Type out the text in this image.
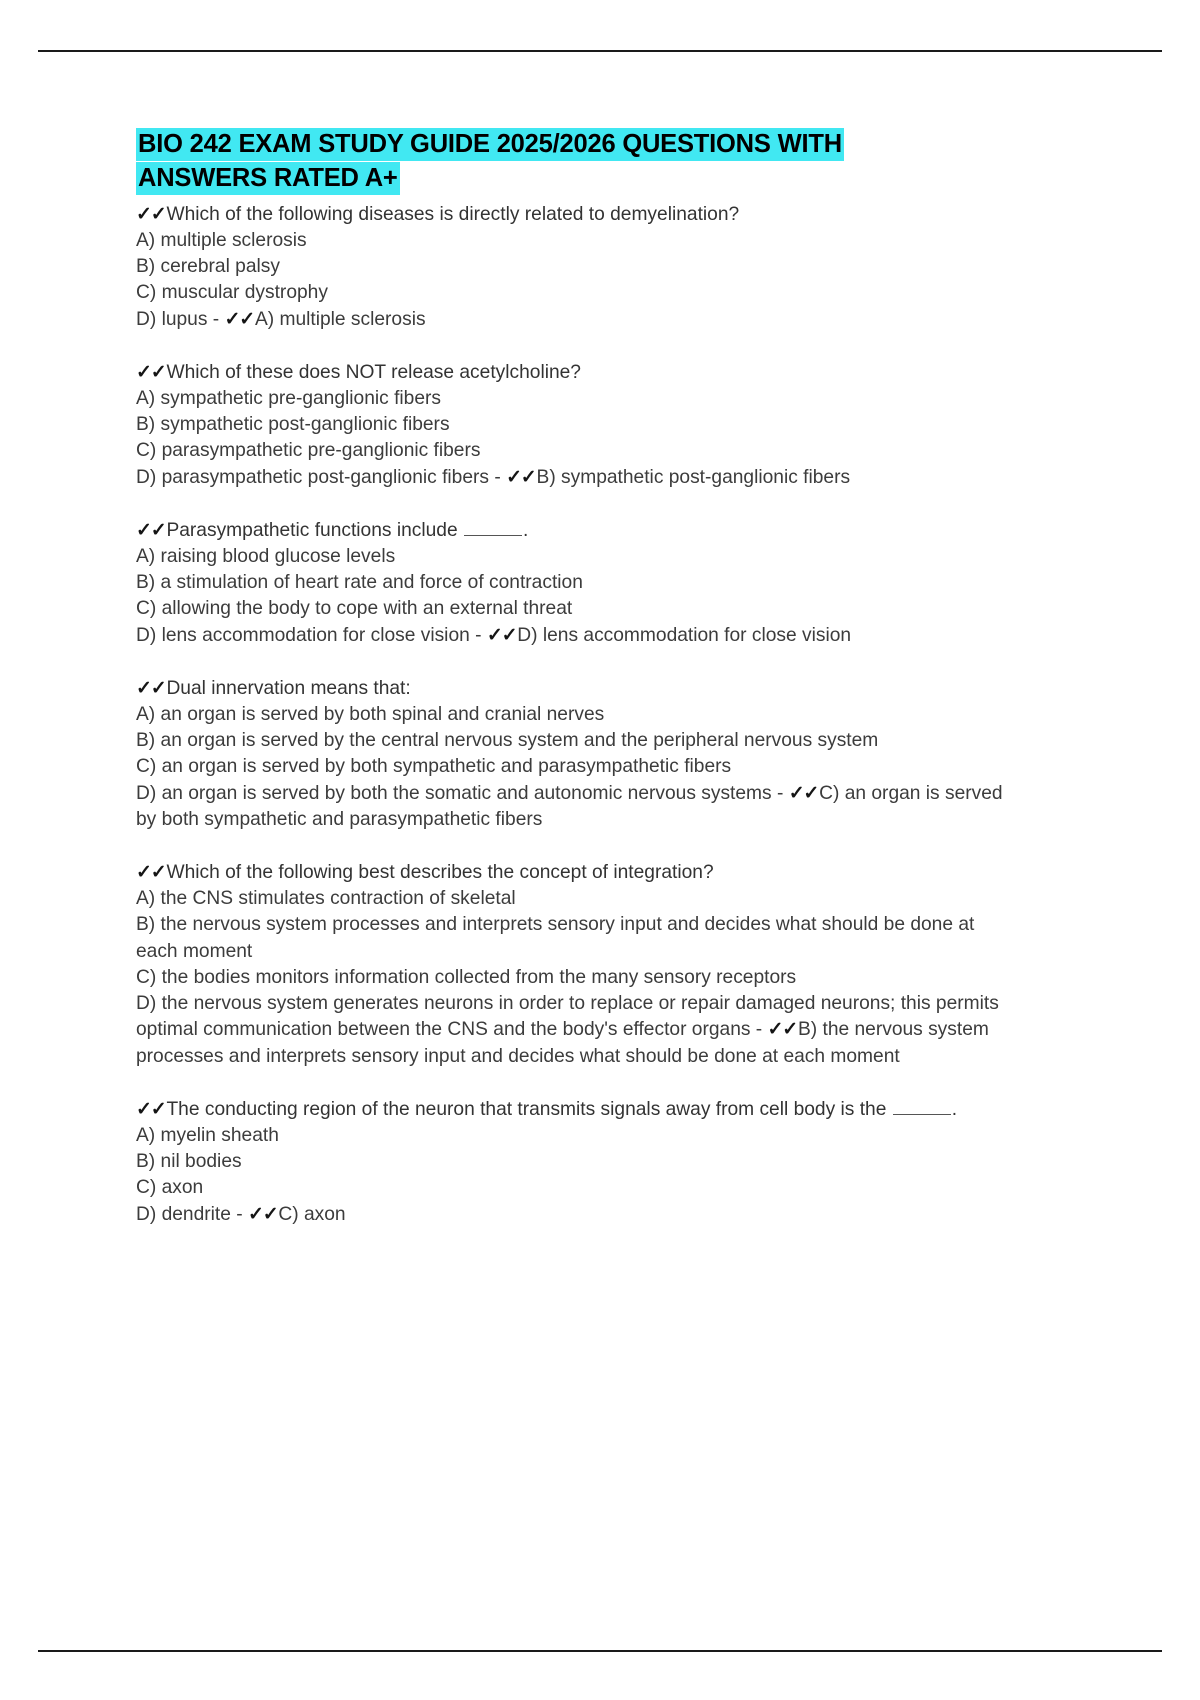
BIO 242 EXAM STUDY GUIDE 2025/2026 QUESTIONS WITH
ANSWERS RATED A+

✓✓Which of the following diseases is directly related to demyelination?

A) multiple sclerosis

B) cerebral palsy

C) muscular dystrophy

D) lupus - ✓✓A) multiple sclerosis

✓✓Which of these does NOT release acetylcholine?

A) sympathetic pre-ganglionic fibers

B) sympathetic post-ganglionic fibers

C) parasympathetic pre-ganglionic fibers

D) parasympathetic post-ganglionic fibers - ✓✓B) sympathetic post-ganglionic fibers

✓✓Parasympathetic functions include	.

A) raising blood glucose levels

B) a stimulation of heart rate and force of contraction

C) allowing the body to cope with an external threat

D) lens accommodation for close vision - ✓✓D) lens accommodation for close vision

✓✓Dual innervation means that:

A) an organ is served by both spinal and cranial nerves

B) an organ is served by the central nervous system and the peripheral nervous system

C) an organ is served by both sympathetic and parasympathetic fibers

D) an organ is served by both the somatic and autonomic nervous systems - ✓✓C) an organ is served by both sympathetic and parasympathetic fibers

✓✓Which of the following best describes the concept of integration?

A) the CNS stimulates contraction of skeletal

B) the nervous system processes and interprets sensory input and decides what should be done at each moment

C) the bodies monitors information collected from the many sensory receptors

D) the nervous system generates neurons in order to replace or repair damaged neurons; this permits optimal communication between the CNS and the body's effector organs - ✓✓B) the nervous system processes and interprets sensory input and decides what should be done at each moment

✓✓The conducting region of the neuron that transmits signals away from cell body is the	.

A) myelin sheath

B) nil bodies

C) axon

D) dendrite - ✓✓C) axon
